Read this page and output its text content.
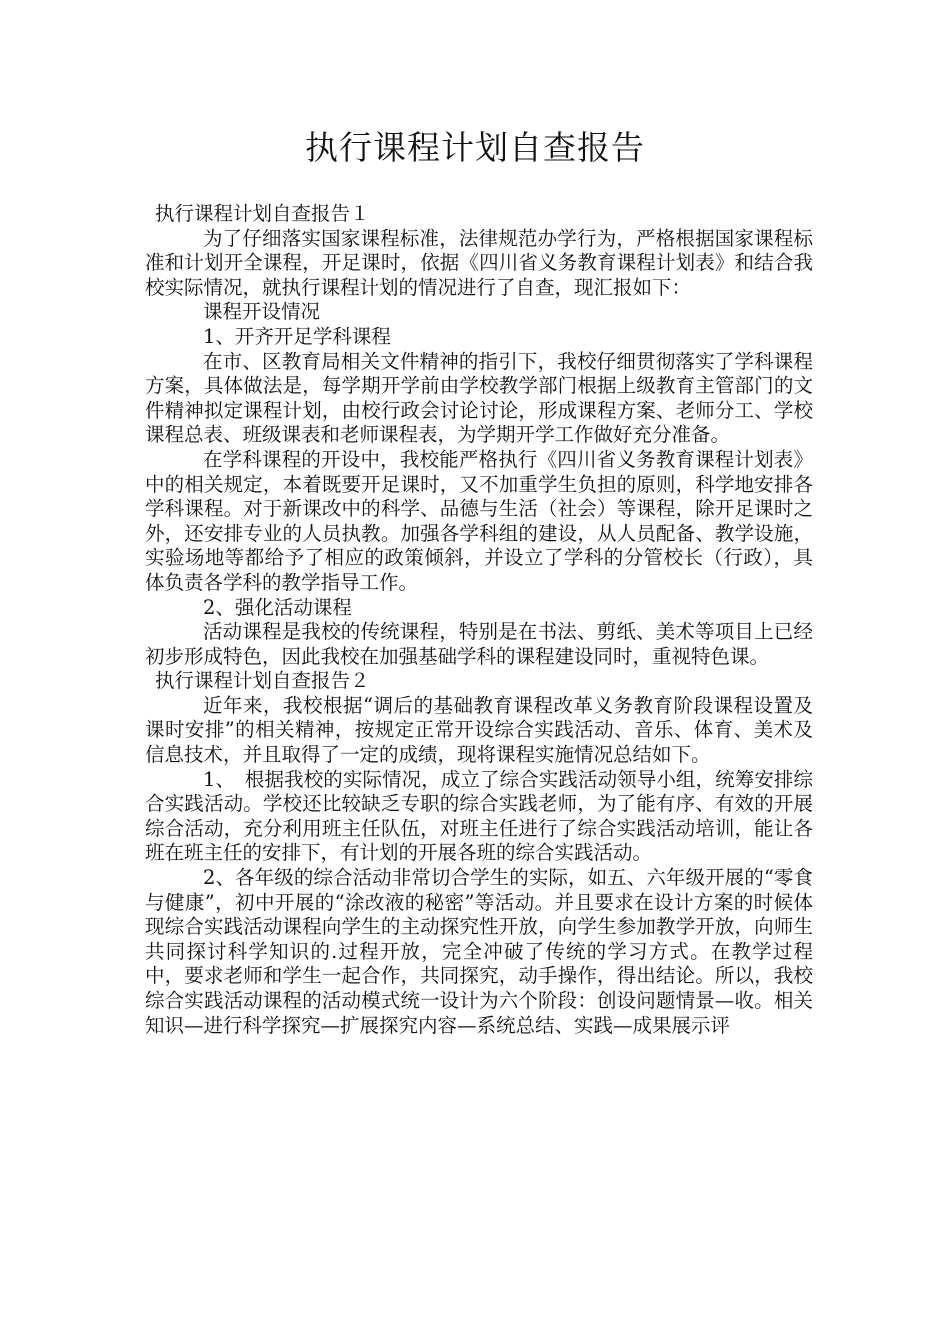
执行课程计划自查报告

执行课程计划自查报告１

为了仔细落实国家课程标准，法律规范办学行为，严格根据国家课程标准和计划开全课程，开足课时，依据《四川省义务教育课程计划表》和结合我校实际情况，就执行课程计划的情况进行了自查，现汇报如下：

课程开设情况

1、开齐开足学科课程

在市、区教育局相关文件精神的指引下，我校仔细贯彻落实了学科课程方案，具体做法是，每学期开学前由学校教学部门根据上级教育主管部门的文件精神拟定课程计划，由校行政会讨论讨论，形成课程方案、老师分工、学校课程总表、班级课表和老师课程表，为学期开学工作做好充分准备。

在学科课程的开设中，我校能严格执行《四川省义务教育课程计划表》中的相关规定，本着既要开足课时，又不加重学生负担的原则，科学地安排各学科课程。对于新课改中的科学、品德与生活（社会）等课程，除开足课时之外，还安排专业的人员执教。加强各学科组的建设，从人员配备、教学设施，实验场地等都给予了相应的政策倾斜，并设立了学科的分管校长（行政），具体负责各学科的教学指导工作。

2、强化活动课程

活动课程是我校的传统课程，特别是在书法、剪纸、美术等项目上已经初步形成特色，因此我校在加强基础学科的课程建设同时，重视特色课。

执行课程计划自查报告２

近年来，我校根据“调后的基础教育课程改革义务教育阶段课程设置及课时安排”的相关精神，按规定正常开设综合实践活动、音乐、体育、美术及信息技术，并且取得了一定的成绩，现将课程实施情况总结如下。

1、　根据我校的实际情况，成立了综合实践活动领导小组，统筹安排综合实践活动。学校还比较缺乏专职的综合实践老师，为了能有序、有效的开展综合活动，充分利用班主任队伍，对班主任进行了综合实践活动培训，能让各班在班主任的安排下，有计划的开展各班的综合实践活动。

2、各年级的综合活动非常切合学生的实际，如五、六年级开展的“零食与健康”，初中开展的“涂改液的秘密”等活动。并且要求在设计方案的时候体现综合实践活动课程向学生的主动探究性开放，向学生参加教学开放，向师生共同探讨科学知识的.过程开放，完全冲破了传统的学习方式。在教学过程中，要求老师和学生一起合作，共同探究，动手操作，得出结论。所以，我校综合实践活动课程的活动模式统一设计为六个阶段：创设问题情景—收。相关知识—进行科学探究—扩展探究内容—系统总结、实践—成果展示评
